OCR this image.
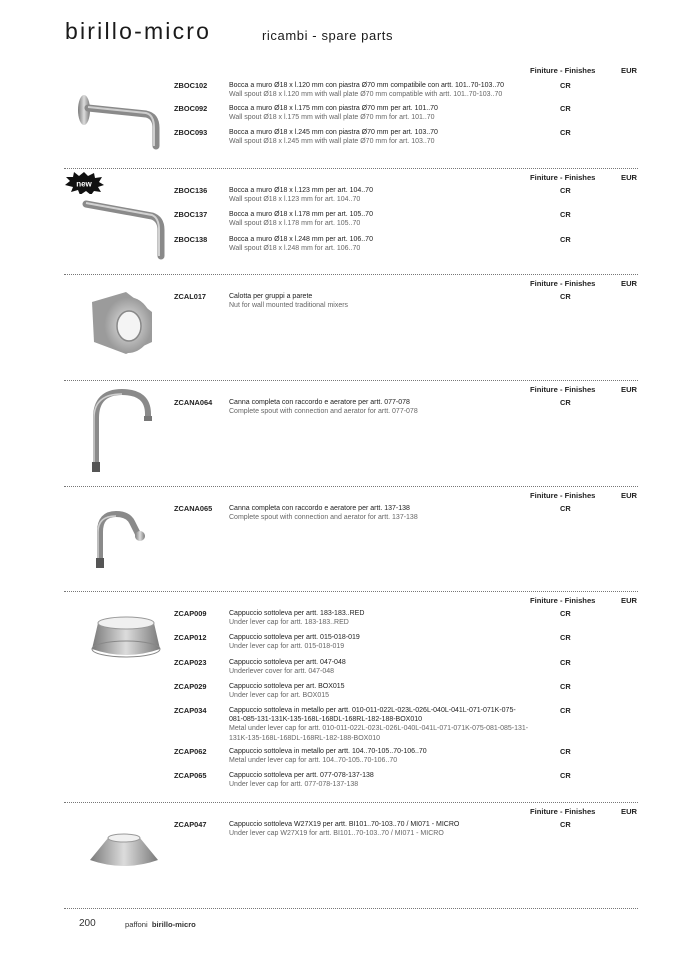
birillo-micro	ricambi - spare parts
Finiture - Finishes	EUR
ZBOC102	Bocca a muro Ø18 x l.120 mm con piastra Ø70 mm compatibile con artt. 101..70-103..70
Wall spout Ø18 x l.120 mm with wall plate Ø70 mm compatible with artt. 101..70-103..70
CR
ZBOC092	Bocca a muro Ø18 x l.175 mm con piastra Ø70 mm per art. 101..70
Wall spout Ø18 x l.175 mm with wall plate Ø70 mm for art. 101..70
CR
ZBOC093	Bocca a muro Ø18 x l.245 mm con piastra Ø70 mm per art. 103..70
Wall spout Ø18 x l.245 mm with wall plate Ø70 mm for art. 103..70
CR
Finiture - Finishes	EUR
new
ZBOC136	Bocca a muro Ø18 x l.123 mm per art. 104..70
Wall spout Ø18 x l.123 mm for art. 104..70
CR
ZBOC137	Bocca a muro Ø18 x l.178 mm per art. 105..70
Wall spout Ø18 x l.178 mm for art. 105..70
CR
ZBOC138	Bocca a muro Ø18 x l.248 mm per art. 106..70
Wall spout Ø18 x l.248 mm for art. 106..70
CR
Finiture - Finishes	EUR
ZCAL017	Calotta per gruppi a parete
Nut for wall mounted traditional mixers
CR
Finiture - Finishes	EUR
ZCANA064 Canna completa con raccordo e aeratore per artt. 077-078
Complete spout with connection and aerator for artt. 077-078
CR
Finiture - Finishes	EUR
ZCANA065 Canna completa con raccordo e aeratore per artt. 137-138
Complete spout with connection and aerator for artt. 137-138
CR
Finiture - Finishes	EUR
ZCAP009	Cappuccio sottoleva per artt. 183-183..RED
Under lever cap for artt. 183-183..RED
CR
ZCAP012	Cappuccio sottoleva per artt. 015-018-019
Under lever cap for artt. 015-018-019
CR
ZCAP023	Cappuccio sottoleva per artt. 047-048
Underlever cover for artt. 047-048
CR
ZCAP029	Cappuccio sottoleva per art. BOX015
Under lever cap for art. BOX015
CR
ZCAP034	Cappuccio sottoleva in metallo per artt. 010-011-022L-023L-026L-040L-041L-071-071K-075-081-085-131-131K-135-168L-168DL-168RL-182-188-BOX010
Metal under lever cap for artt. 010-011-022L-023L-026L-040L-041L-071-071K-075-081-085-131-131K-135-168L-168DL-168RL-182-188-BOX010
CR
ZCAP062	Cappuccio sottoleva in metallo per artt. 104..70-105..70-106..70
Metal under lever cap for artt. 104..70-105..70-106..70
CR
ZCAP065	Cappuccio sottoleva per artt. 077-078-137-138
Under lever cap for artt. 077-078-137-138
CR
Finiture - Finishes	EUR
ZCAP047	Cappuccio sottoleva W27X19 per artt. BI101..70-103..70 / MI071 - MICRO
Under lever cap W27X19 for artt. BI101..70-103..70 / MI071 - MICRO
CR
200	paffoni birillo-micro
